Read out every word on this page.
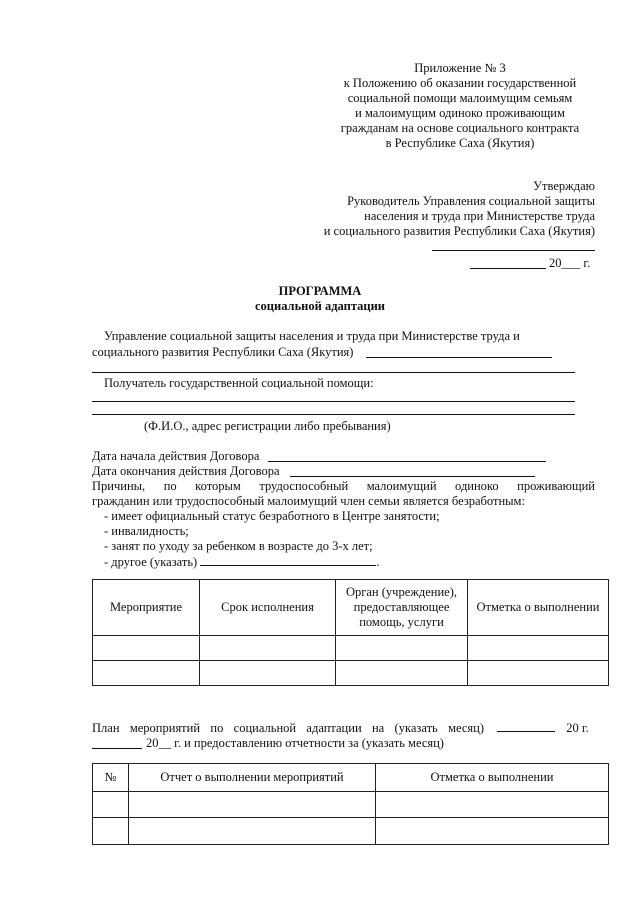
Приложение № 3
к Положению об оказании государственной
социальной помощи малоимущим семьям
и малоимущим одиноко проживающим
гражданам на основе социального контракта
в Республике Саха (Якутия)
Утверждаю
Руководитель Управления социальной защиты
населения и труда при Министерстве труда
и социального развития Республики Саха (Якутия)
20___ г.
ПРОГРАММА
социальной адаптации
Управление социальной защиты населения и труда при Министерстве труда и
социального развития Республики Саха (Якутия)
Получатель государственной социальной помощи:
(Ф.И.О., адрес регистрации либо пребывания)
Дата начала действия Договора
Дата окончания действия Договора
Причины, по которым трудоспособный малоимущий одиноко проживающий
гражданин или трудоспособный малоимущий член семьи является безработным:
- имеет официальный статус безработного в Центре занятости;
- инвалидность;
- занят по уходу за ребенком в возрасте до 3-х лет;
- другое (указать)	.
Мероприятие	Срок исполнения	Орган (учреждение), предоставляющее помощь, услуги	Отметка о выполнении

План мероприятий по социальной адаптации на (указать месяц)	20 г.
20__ г. и предоставлению отчетности за (указать месяц)
№	Отчет о выполнении мероприятий	Отметка о выполнении
